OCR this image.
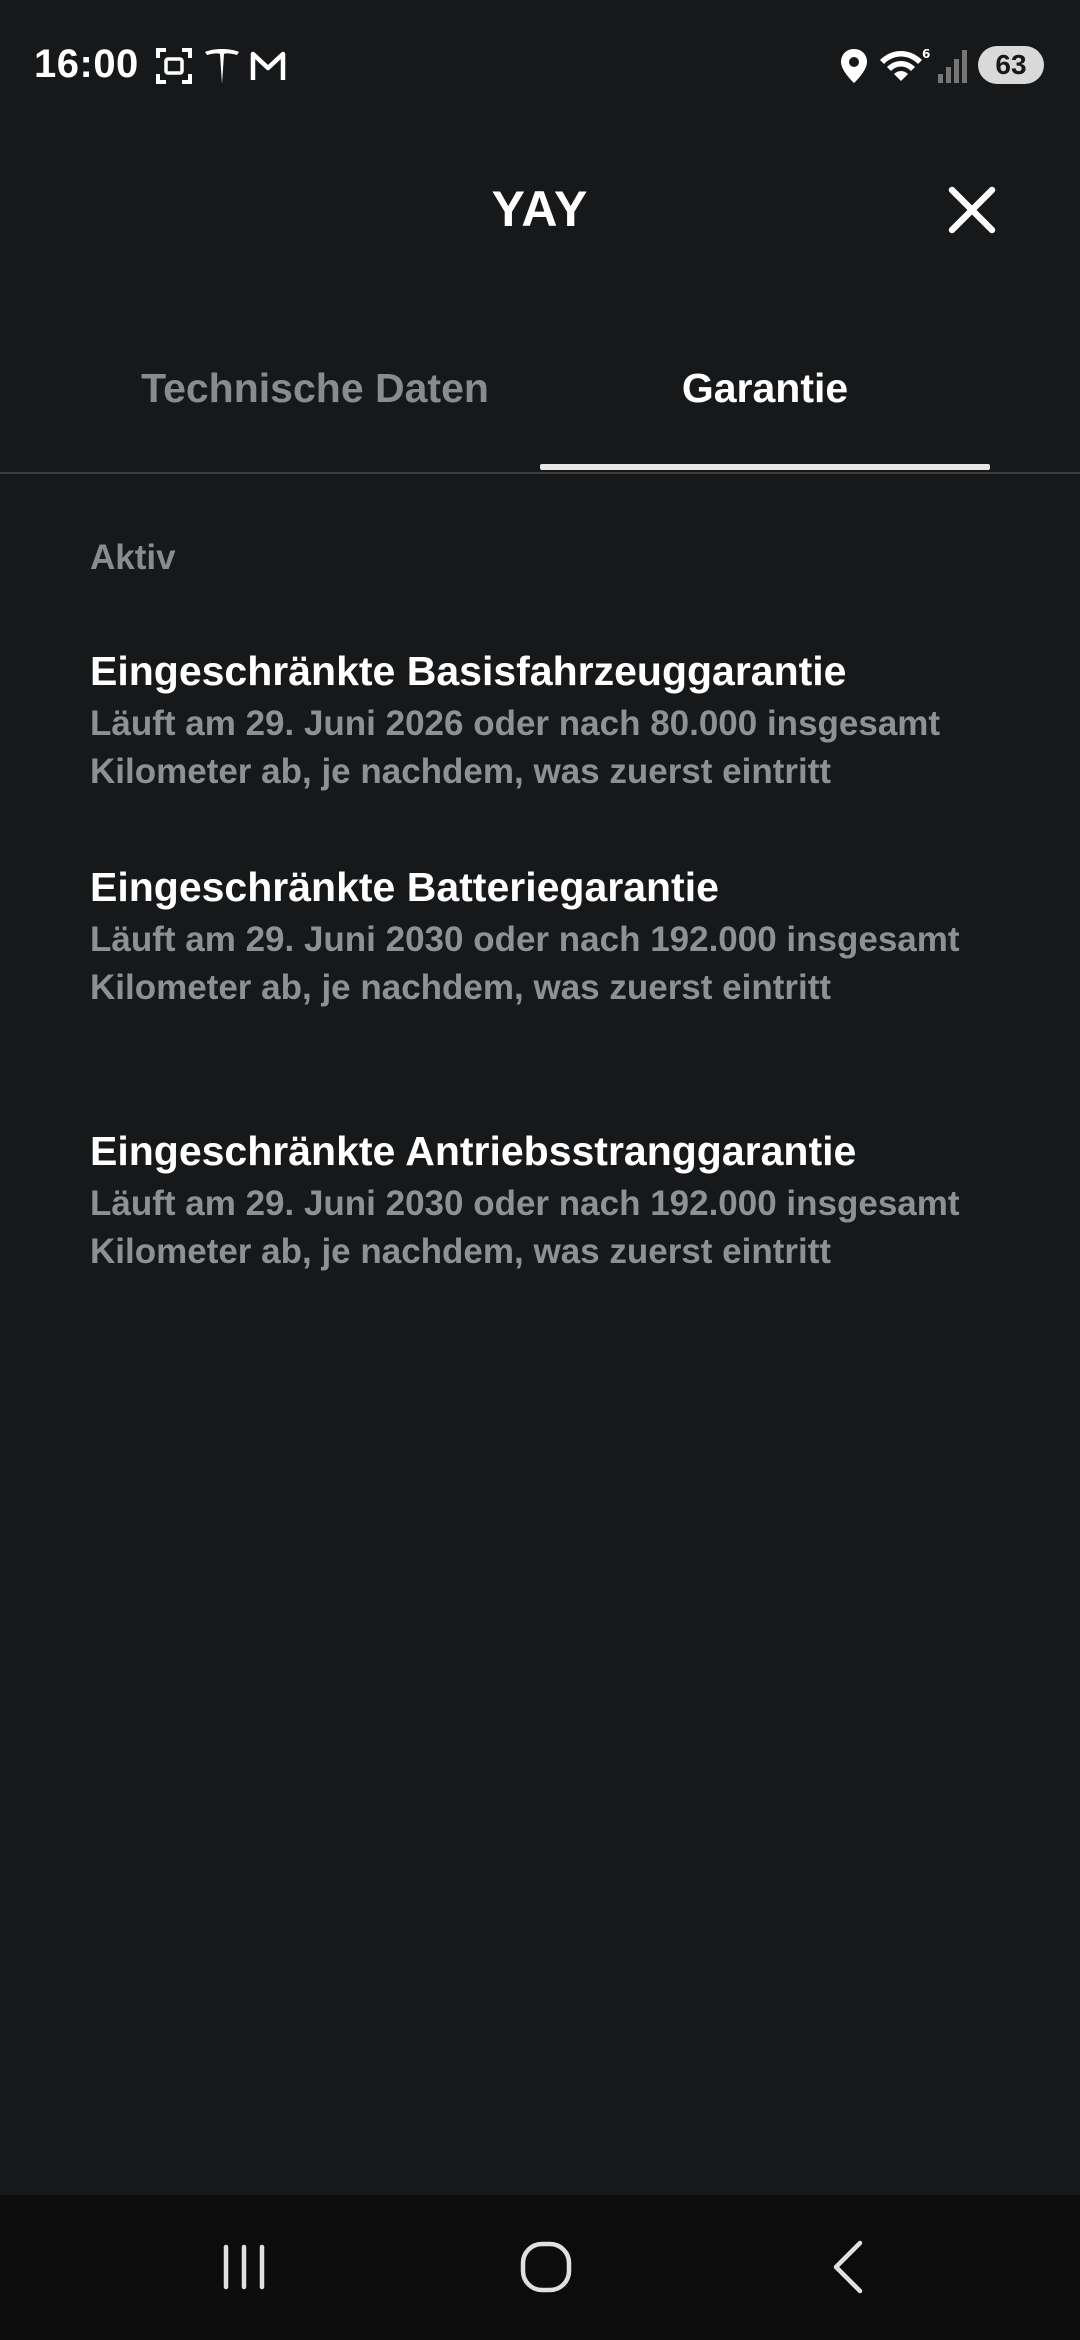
16:00	6	63
YAY
Technische Daten	Garantie
Aktiv
Eingeschränkte Basisfahrzeuggarantie
Läuft am 29. Juni 2026 oder nach 80.000 insgesamt Kilometer ab, je nachdem, was zuerst eintritt
Eingeschränkte Batteriegarantie
Läuft am 29. Juni 2030 oder nach 192.000 insgesamt Kilometer ab, je nachdem, was zuerst eintritt
Eingeschränkte Antriebsstranggarantie
Läuft am 29. Juni 2030 oder nach 192.000 insgesamt Kilometer ab, je nachdem, was zuerst eintritt
